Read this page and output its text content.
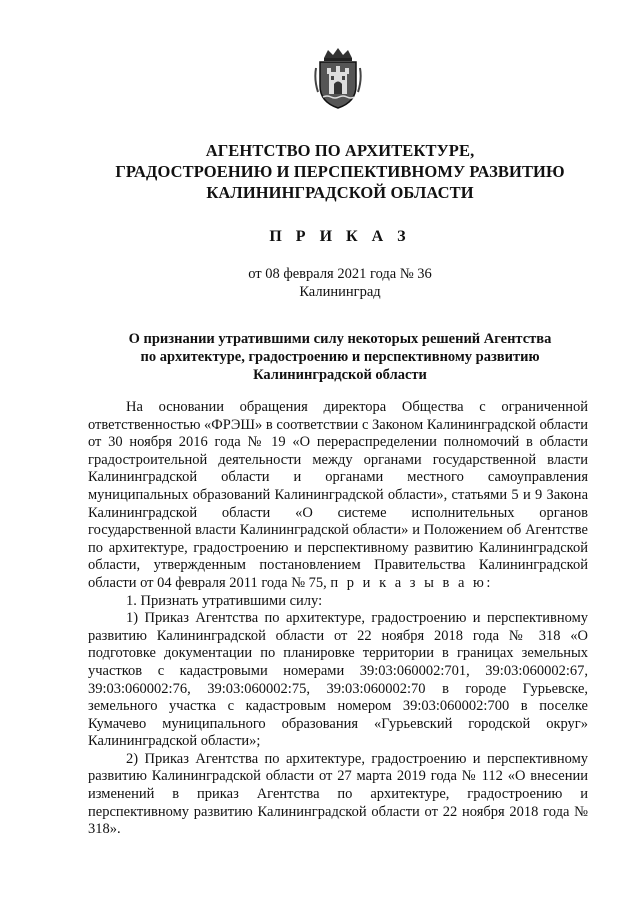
АГЕНТСТВО ПО АРХИТЕКТУРЕ,
ГРАДОСТРОЕНИЮ И ПЕРСПЕКТИВНОМУ РАЗВИТИЮ
КАЛИНИНГРАДСКОЙ ОБЛАСТИ
П Р И К А З
от 08 февраля 2021 года № 36
Калининград
О признании утратившими силу некоторых решений Агентства
по архитектуре, градостроению и перспективному развитию
Калининградской области

На основании обращения директора Общества с ограниченной ответственностью «ФРЭШ» в соответствии с Законом Калининградской области от 30 ноября 2016 года № 19 «О перераспределении полномочий в области градостроительной деятельности между органами государственной власти Калининградской области и органами местного самоуправления муниципальных образований Калининградской области», статьями 5 и 9 Закона Калининградской области «О системе исполнительных органов государственной власти Калининградской области» и Положением об Агентстве по архитектуре, градостроению и перспективному развитию Калининградской области, утвержденным постановлением Правительства Калининградской области от 04 февраля 2011 года № 75, п р и к а з ы в а ю:

1. Признать утратившими силу:

1) Приказ Агентства по архитектуре, градостроению и перспективному развитию Калининградской области от 22 ноября 2018 года № 318 «О подготовке документации по планировке территории в границах земельных участков с кадастровыми номерами 39:03:060002:701, 39:03:060002:67, 39:03:060002:76, 39:03:060002:75, 39:03:060002:70 в городе Гурьевске, земельного участка с кадастровым номером 39:03:060002:700 в поселке Кумачево муниципального образования «Гурьевский городской округ» Калининградской области»;

2) Приказ Агентства по архитектуре, градостроению и перспективному развитию Калининградской области от 27 марта 2019 года № 112 «О внесении изменений в приказ Агентства по архитектуре, градостроению и перспективному развитию Калининградской области от 22 ноября 2018 года № 318».
